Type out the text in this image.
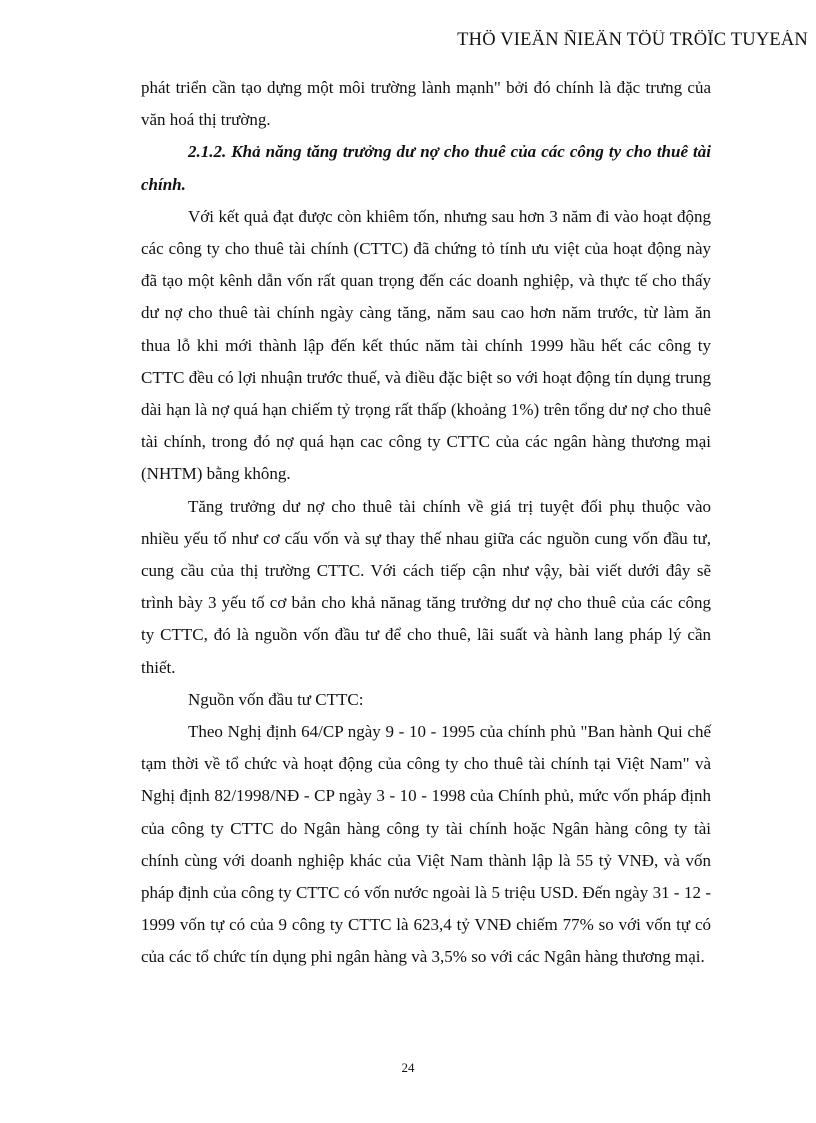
THÖ VIEÄN ÑIEÄN TÖÛ TRÖÏC TUYEÁN

phát triển cần tạo dựng một môi trường lành mạnh" bởi đó chính là đặc trưng của văn hoá thị trường.

2.1.2. Khả năng tăng trưởng dư nợ cho thuê của các công ty cho thuê tài chính.

Với kết quả đạt được còn khiêm tốn, nhưng sau hơn 3 năm đi vào hoạt động các công ty cho thuê tài chính (CTTC) đã chứng tỏ tính ưu việt của hoạt động này đã tạo một kênh dẫn vốn rất quan trọng đến các doanh nghiệp, và thực tế cho thấy dư nợ cho thuê tài chính ngày càng tăng, năm sau cao hơn năm trước, từ làm ăn thua lỗ khi mới thành lập đến kết thúc năm tài chính 1999 hầu hết các công ty CTTC đều có lợi nhuận trước thuế, và điều đặc biệt so với hoạt động tín dụng trung dài hạn là nợ quá hạn chiếm tỷ trọng rất thấp (khoảng 1%) trên tổng dư nợ cho thuê tài chính, trong đó nợ quá hạn cac công ty CTTC của các ngân hàng thương mại (NHTM) bằng không.

Tăng trưởng dư nợ cho thuê tài chính về giá trị tuyệt đối phụ thuộc vào nhiều yếu tố như cơ cấu vốn và sự thay thế nhau giữa các nguồn cung vốn đầu tư, cung cầu của thị trường CTTC. Với cách tiếp cận như vậy, bài viết dưới đây sẽ trình bày 3 yếu tố cơ bản cho khả nănag tăng trưởng dư nợ cho thuê của các công ty CTTC, đó là nguồn vốn đầu tư để cho thuê, lãi suất và hành lang pháp lý cần thiết.

Nguồn vốn đầu tư CTTC:

Theo Nghị định 64/CP ngày 9 - 10 - 1995 của chính phủ "Ban hành Qui chế tạm thời về tổ chức và hoạt động của công ty cho thuê tài chính tại Việt Nam" và Nghị định 82/1998/NĐ - CP ngày 3 - 10 - 1998 của Chính phủ, mức vốn pháp định của công ty CTTC do Ngân hàng công ty tài chính hoặc Ngân hàng công ty tài chính cùng với doanh nghiệp khác của Việt Nam thành lập là 55 tỷ VNĐ, và vốn pháp định của công ty CTTC có vốn nước ngoài là 5 triệu USD. Đến ngày 31 - 12 - 1999 vốn tự có của 9 công ty CTTC là 623,4 tỷ VNĐ chiếm 77% so với vốn tự có của các tổ chức tín dụng phi ngân hàng và 3,5% so với các Ngân hàng thương mại.

24
